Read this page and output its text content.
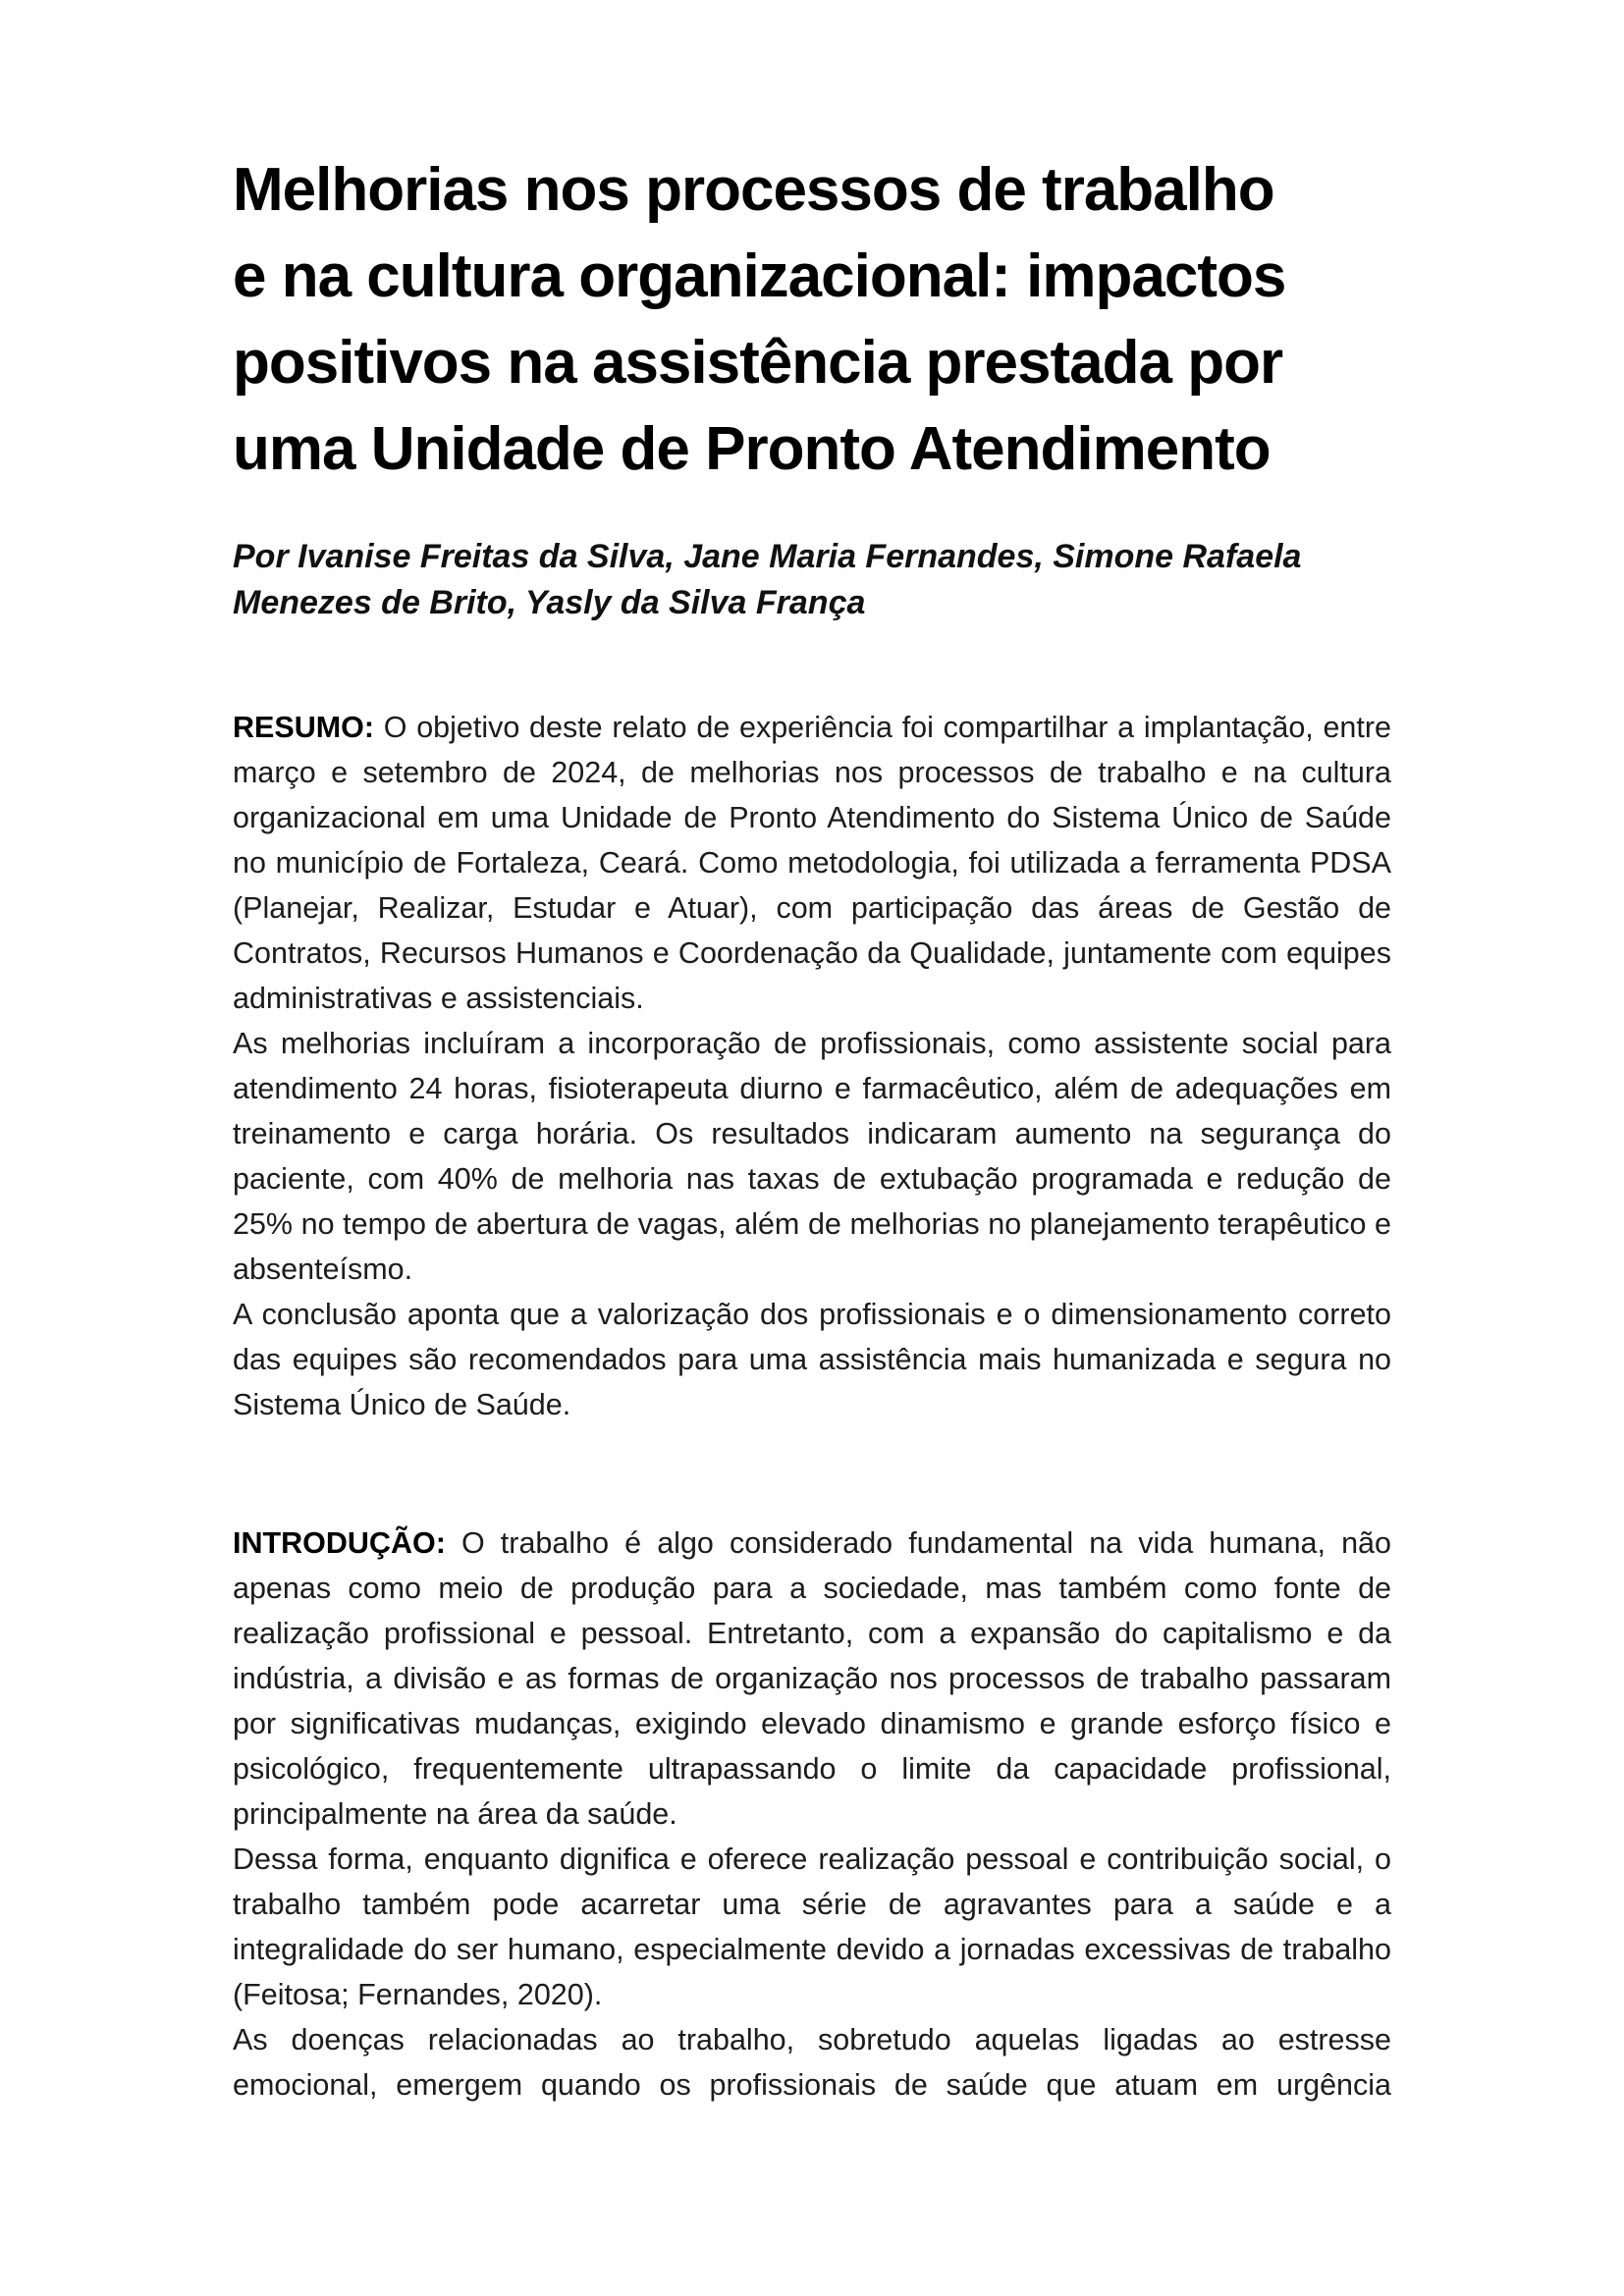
Melhorias nos processos de trabalho
e na cultura organizacional: impactos
positivos na assistência prestada por
uma Unidade de Pronto Atendimento
Por Ivanise Freitas da Silva, Jane Maria Fernandes, Simone Rafaela
Menezes de Brito, Yasly da Silva França

RESUMO: O objetivo deste relato de experiência foi compartilhar a implantação, entre março e setembro de 2024, de melhorias nos processos de trabalho e na cultura organizacional em uma Unidade de Pronto Atendimento do Sistema Único de Saúde no município de Fortaleza, Ceará. Como metodologia, foi utilizada a ferramenta PDSA (Planejar, Realizar, Estudar e Atuar), com participação das áreas de Gestão de Contratos, Recursos Humanos e Coordenação da Qualidade, juntamente com equipes administrativas e assistenciais.

As melhorias incluíram a incorporação de profissionais, como assistente social para atendimento 24 horas, fisioterapeuta diurno e farmacêutico, além de adequações em treinamento e carga horária. Os resultados indicaram aumento na segurança do paciente, com 40% de melhoria nas taxas de extubação programada e redução de 25% no tempo de abertura de vagas, além de melhorias no planejamento terapêutico e absenteísmo.

A conclusão aponta que a valorização dos profissionais e o dimensionamento correto das equipes são recomendados para uma assistência mais humanizada e segura no Sistema Único de Saúde.

INTRODUÇÃO: O trabalho é algo considerado fundamental na vida humana, não apenas como meio de produção para a sociedade, mas também como fonte de realização profissional e pessoal. Entretanto, com a expansão do capitalismo e da indústria, a divisão e as formas de organização nos processos de trabalho passaram por significativas mudanças, exigindo elevado dinamismo e grande esforço físico e psicológico, frequentemente ultrapassando o limite da capacidade profissional, principalmente na área da saúde.

Dessa forma, enquanto dignifica e oferece realização pessoal e contribuição social, o trabalho também pode acarretar uma série de agravantes para a saúde e a integralidade do ser humano, especialmente devido a jornadas excessivas de trabalho (Feitosa; Fernandes, 2020).

As doenças relacionadas ao trabalho, sobretudo aquelas ligadas ao estresse emocional, emergem quando os profissionais de saúde que atuam em urgência
